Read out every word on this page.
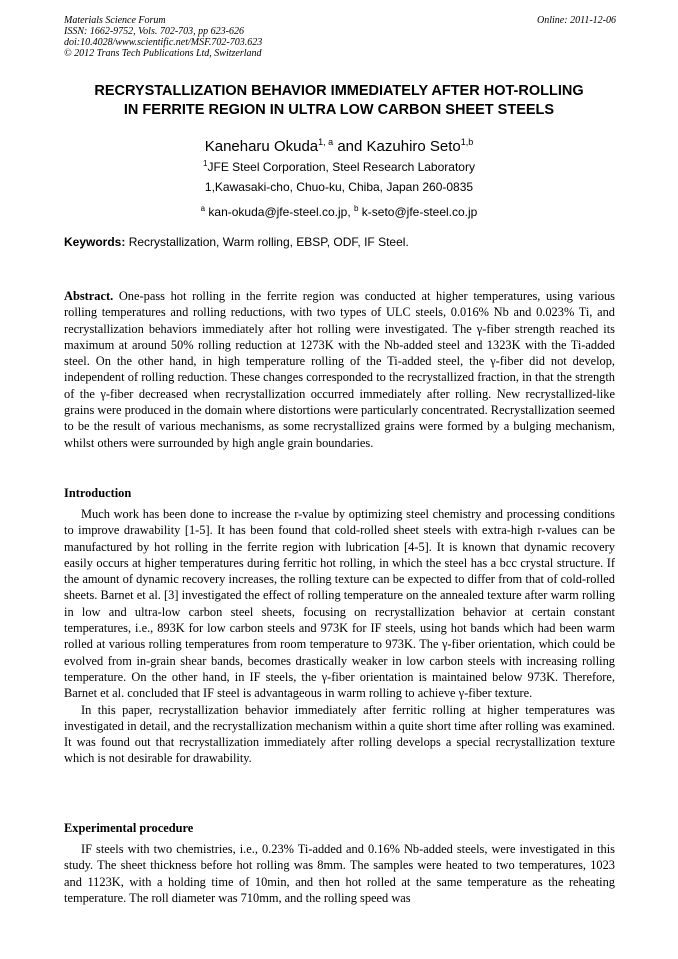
Materials Science Forum
ISSN: 1662-9752, Vols. 702-703, pp 623-626
doi:10.4028/www.scientific.net/MSF.702-703.623
© 2012 Trans Tech Publications Ltd, Switzerland
Online: 2011-12-06
RECRYSTALLIZATION BEHAVIOR IMMEDIATELY AFTER HOT-ROLLING
IN FERRITE REGION IN ULTRA LOW CARBON SHEET STEELS
Kaneharu Okuda$^{1, a}$ and Kazuhiro Seto$^{1,b}$
$^1$JFE Steel Corporation, Steel Research Laboratory
1,Kawasaki-cho, Chuo-ku, Chiba, Japan 260-0835
$^a$ kan-okuda@jfe-steel.co.jp, $^b$ k-seto@jfe-steel.co.jp
Keywords: Recrystallization, Warm rolling, EBSP, ODF, IF Steel.

Abstract. One-pass hot rolling in the ferrite region was conducted at higher temperatures, using various rolling temperatures and rolling reductions, with two types of ULC steels, 0.016% Nb and 0.023% Ti, and recrystallization behaviors immediately after hot rolling were investigated. The γ-fiber strength reached its maximum at around 50% rolling reduction at 1273K with the Nb-added steel and 1323K with the Ti-added steel. On the other hand, in high temperature rolling of the Ti-added steel, the γ-fiber did not develop, independent of rolling reduction. These changes corresponded to the recrystallized fraction, in that the strength of the γ-fiber decreased when recrystallization occurred immediately after rolling. New recrystallized-like grains were produced in the domain where distortions were particularly concentrated. Recrystallization seemed to be the result of various mechanisms, as some recrystallized grains were formed by a bulging mechanism, whilst others were surrounded by high angle grain boundaries.

Introduction

Much work has been done to increase the r-value by optimizing steel chemistry and processing conditions to improve drawability [1-5]. It has been found that cold-rolled sheet steels with extra-high r-values can be manufactured by hot rolling in the ferrite region with lubrication [4-5]. It is known that dynamic recovery easily occurs at higher temperatures during ferritic hot rolling, in which the steel has a bcc crystal structure. If the amount of dynamic recovery increases, the rolling texture can be expected to differ from that of cold-rolled sheets. Barnet et al. [3] investigated the effect of rolling temperature on the annealed texture after warm rolling in low and ultra-low carbon steel sheets, focusing on recrystallization behavior at certain constant temperatures, i.e., 893K for low carbon steels and 973K for IF steels, using hot bands which had been warm rolled at various rolling temperatures from room temperature to 973K. The γ-fiber orientation, which could be evolved from in-grain shear bands, becomes drastically weaker in low carbon steels with increasing rolling temperature. On the other hand, in IF steels, the γ-fiber orientation is maintained below 973K. Therefore, Barnet et al. concluded that IF steel is advantageous in warm rolling to achieve γ-fiber texture.

In this paper, recrystallization behavior immediately after ferritic rolling at higher temperatures was investigated in detail, and the recrystallization mechanism within a quite short time after rolling was examined. It was found out that recrystallization immediately after rolling develops a special recrystallization texture which is not desirable for drawability.

Experimental procedure

IF steels with two chemistries, i.e., 0.23% Ti-added and 0.16% Nb-added steels, were investigated in this study. The sheet thickness before hot rolling was 8mm. The samples were heated to two temperatures, 1023 and 1123K, with a holding time of 10min, and then hot rolled at the same temperature as the reheating temperature. The roll diameter was 710mm, and the rolling speed was
